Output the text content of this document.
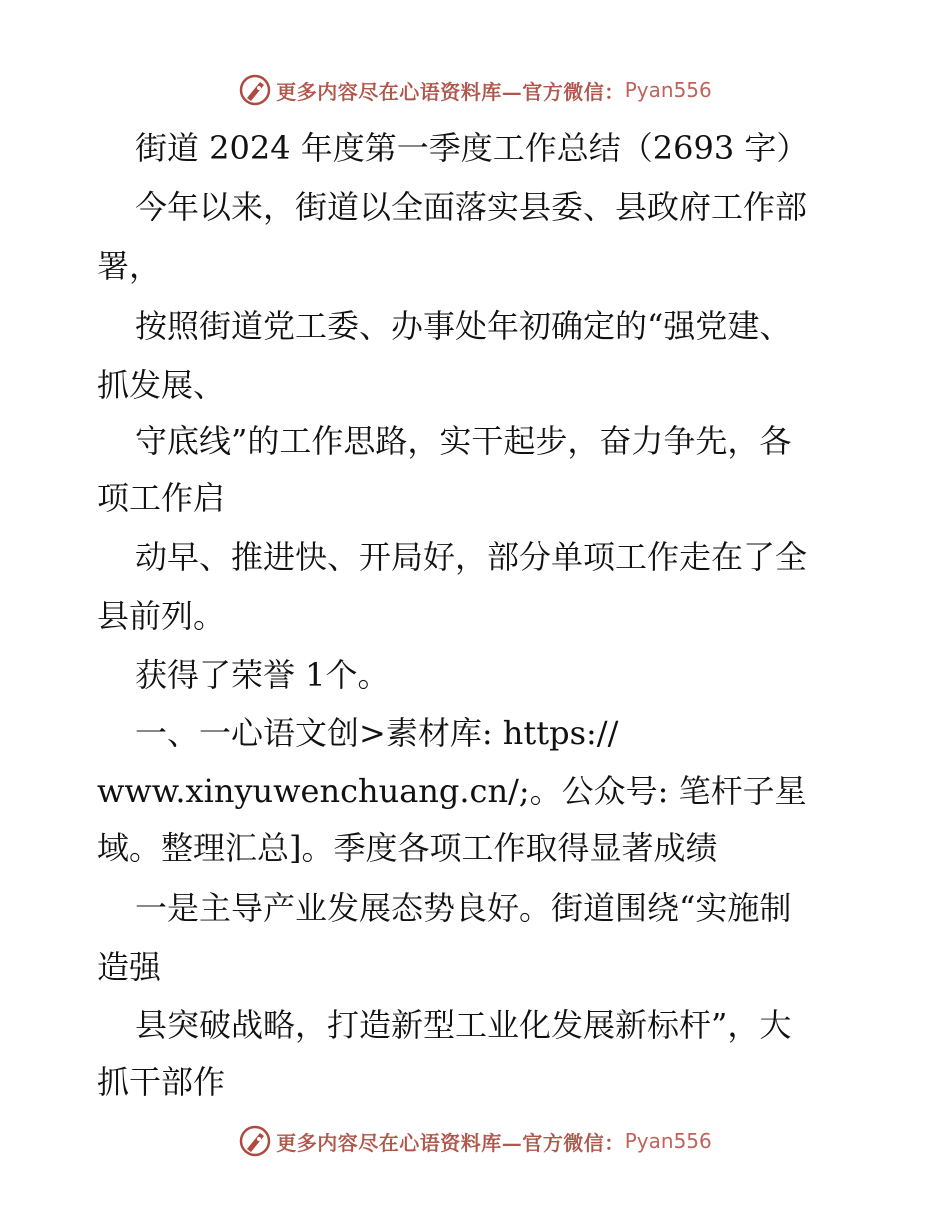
更多内容尽在心语资料库—官方微信： Pyan556
街道 2024 年度第一季度工作总结（2693 字）
今年以来，街道以全面落实县委、县政府工作部
署，
按照街道党工委、办事处年初确定的“强党建、
抓发展、
守底线”的工作思路，实干起步，奋力争先，各
项工作启
动早、推进快、开局好，部分单项工作走在了全
县前列。
获得了荣誉 1个。
一、一心语文创>素材库: https://
www.xinyuwenchuang.cn/;。公众号: 笔杆子星
域。整理汇总]。季度各项工作取得显著成绩
一是主导产业发展态势良好。街道围绕“实施制
造强
县突破战略，打造新型工业化发展新标杆”，大
抓干部作
更多内容尽在心语资料库—官方微信： Pyan556
